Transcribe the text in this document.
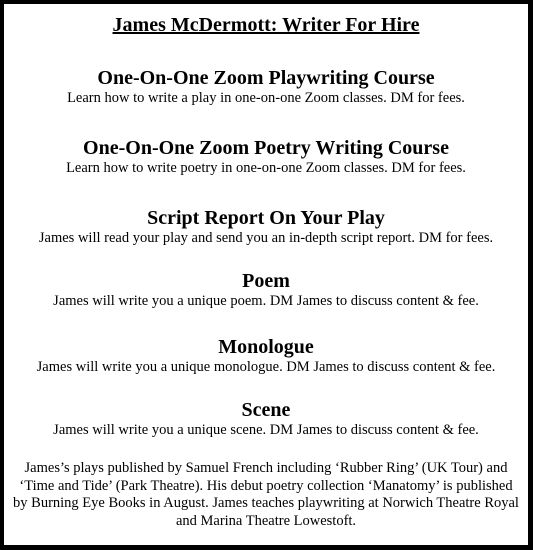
James McDermott: Writer For Hire
One-On-One Zoom Playwriting Course
Learn how to write a play in one-on-one Zoom classes. DM for fees.
One-On-One Zoom Poetry Writing Course
Learn how to write poetry in one-on-one Zoom classes. DM for fees.
Script Report On Your Play
James will read your play and send you an in-depth script report. DM for fees.
Poem
James will write you a unique poem. DM James to discuss content & fee.
Monologue
James will write you a unique monologue. DM James to discuss content & fee.
Scene
James will write you a unique scene. DM James to discuss content & fee.
James’s plays published by Samuel French including ‘Rubber Ring’ (UK Tour) and ‘Time and Tide’ (Park Theatre). His debut poetry collection ‘Manatomy’ is published by Burning Eye Books in August. James teaches playwriting at Norwich Theatre Royal and Marina Theatre Lowestoft.
